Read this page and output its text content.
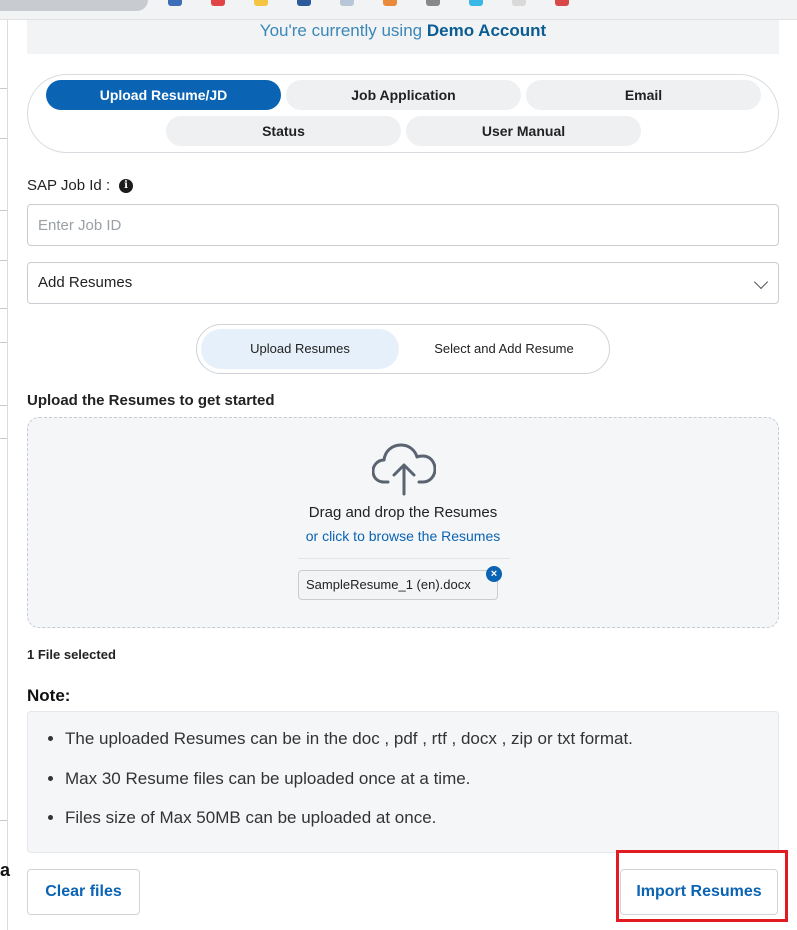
a
You're currently using Demo Account
Upload Resume/JD	Job Application	Email
Status	User Manual
SAP Job Id :	i
Enter Job ID
Add Resumes
Upload Resumes	Select and Add Resume
Upload the Resumes to get started
Drag and drop the Resumes
or click to browse the Resumes
SampleResume_1 (en).docx
×
1 File selected
Note:
• The uploaded Resumes can be in the doc , pdf , rtf , docx , zip or txt format.
• Max 30 Resume files can be uploaded once at a time.
• Files size of Max 50MB can be uploaded at once.
Clear files	Import Resumes
